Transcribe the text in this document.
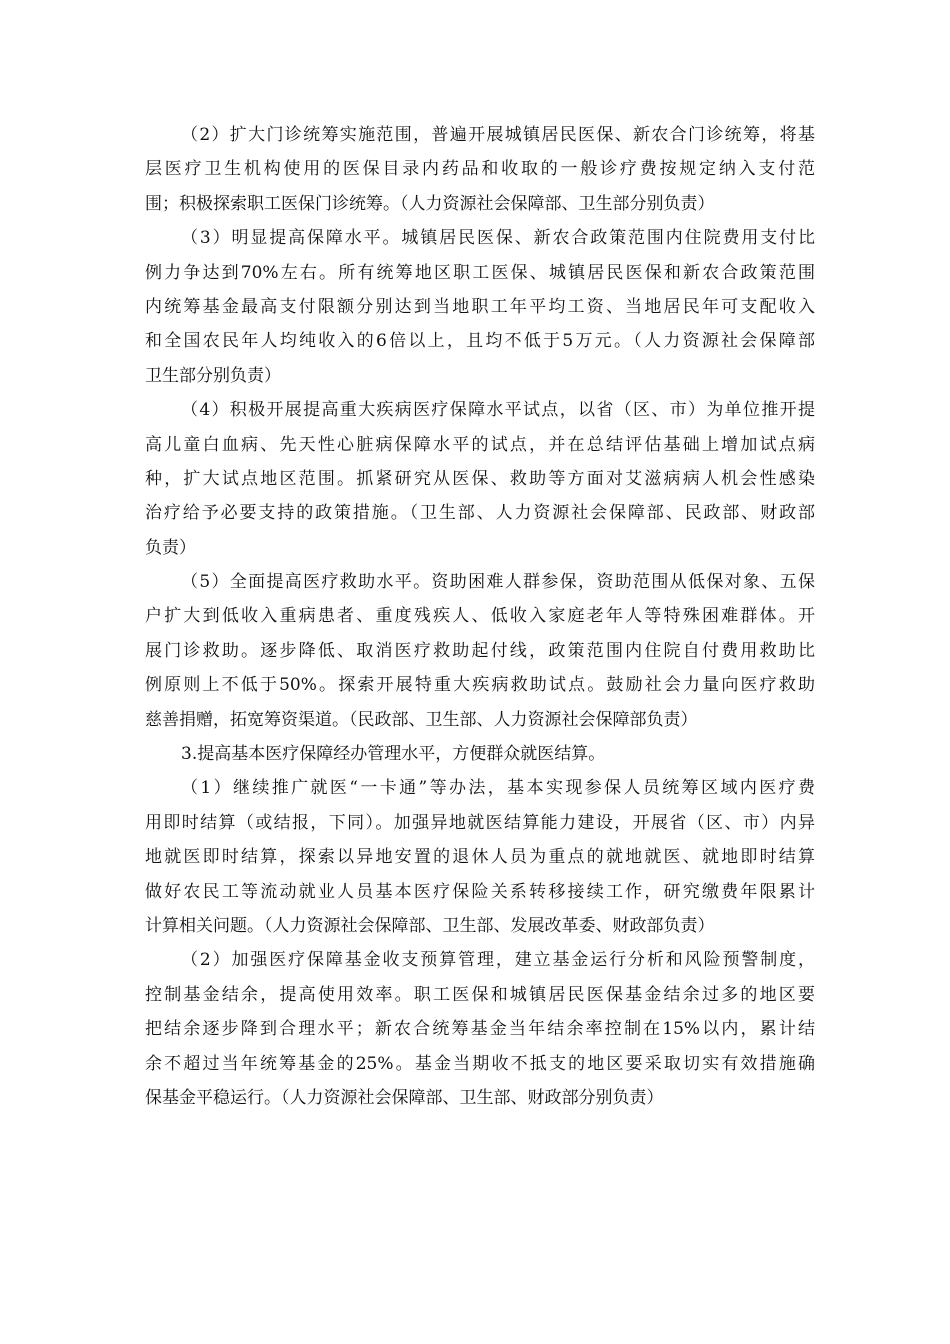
（2）扩大门诊统筹实施范围，普遍开展城镇居民医保、新农合门诊统筹，将基
层医疗卫生机构使用的医保目录内药品和收取的一般诊疗费按规定纳入支付范
围；积极探索职工医保门诊统筹。（人力资源社会保障部、卫生部分别负责）
（3）明显提高保障水平。城镇居民医保、新农合政策范围内住院费用支付比
例力争达到70%左右。所有统筹地区职工医保、城镇居民医保和新农合政策范围
内统筹基金最高支付限额分别达到当地职工年平均工资、当地居民年可支配收入
和全国农民年人均纯收入的6倍以上，且均不低于5万元。（人力资源社会保障部
卫生部分别负责）
（4）积极开展提高重大疾病医疗保障水平试点，以省（区、市）为单位推开提
高儿童白血病、先天性心脏病保障水平的试点，并在总结评估基础上增加试点病
种，扩大试点地区范围。抓紧研究从医保、救助等方面对艾滋病病人机会性感染
治疗给予必要支持的政策措施。（卫生部、人力资源社会保障部、民政部、财政部
负责）
（5）全面提高医疗救助水平。资助困难人群参保，资助范围从低保对象、五保
户扩大到低收入重病患者、重度残疾人、低收入家庭老年人等特殊困难群体。开
展门诊救助。逐步降低、取消医疗救助起付线，政策范围内住院自付费用救助比
例原则上不低于50%。探索开展特重大疾病救助试点。鼓励社会力量向医疗救助
慈善捐赠，拓宽筹资渠道。（民政部、卫生部、人力资源社会保障部负责）
3.提高基本医疗保障经办管理水平，方便群众就医结算。
（1）继续推广就医“一卡通”等办法，基本实现参保人员统筹区域内医疗费
用即时结算（或结报，下同）。加强异地就医结算能力建设，开展省（区、市）内异
地就医即时结算，探索以异地安置的退休人员为重点的就地就医、就地即时结算
做好农民工等流动就业人员基本医疗保险关系转移接续工作，研究缴费年限累计
计算相关问题。（人力资源社会保障部、卫生部、发展改革委、财政部负责）
（2）加强医疗保障基金收支预算管理，建立基金运行分析和风险预警制度，
控制基金结余，提高使用效率。职工医保和城镇居民医保基金结余过多的地区要
把结余逐步降到合理水平；新农合统筹基金当年结余率控制在15%以内，累计结
余不超过当年统筹基金的25%。基金当期收不抵支的地区要采取切实有效措施确
保基金平稳运行。（人力资源社会保障部、卫生部、财政部分别负责）
